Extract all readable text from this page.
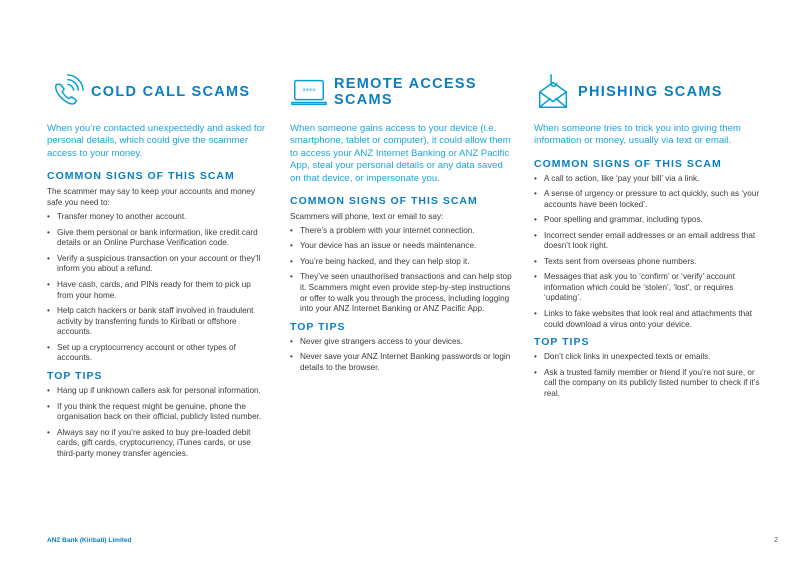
COLD CALL SCAMS

When you’re contacted unexpectedly and asked for personal details, which could give the scammer access to your money.

COMMON SIGNS OF THIS SCAM

The scammer may say to keep your accounts and money safe you need to:

• Transfer money to another account.
• Give them personal or bank information, like credit card details or an Online Purchase Verification code.
• Verify a suspicious transaction on your account or they’ll inform you about a refund.
• Have cash, cards, and PINs ready for them to pick up from your home.
• Help catch hackers or bank staff involved in fraudulent activity by transferring funds to Kiribati or offshore accounts.
• Set up a cryptocurrency account or other types of accounts.
TOP TIPS
• Hang up if unknown callers ask for personal information.
• If you think the request might be genuine, phone the organisation back on their official, publicly listed number.
• Always say no if you’re asked to buy pre-loaded debit cards, gift cards, cryptocurrency, iTunes cards, or use third-party money transfer agencies.
**** REMOTE ACCESS SCAMS

When someone gains access to your device (i.e. smartphone, tablet or computer), it could allow them to access your ANZ Internet Banking or ANZ Pacific App, steal your personal details or any data saved on that device, or impersonate you.

COMMON SIGNS OF THIS SCAM

Scammers will phone, text or email to say:

• There’s a problem with your internet connection.
• Your device has an issue or needs maintenance.
• You’re being hacked, and they can help stop it.
• They’ve seen unauthorised transactions and can help stop it. Scammers might even provide step-by-step instructions or offer to walk you through the process, including logging into your ANZ Internet Banking or ANZ Pacific App.
TOP TIPS
• Never give strangers access to your devices.
• Never save your ANZ Internet Banking passwords or login details to the browser.
PHISHING SCAMS

When someone tries to trick you into giving them information or money, usually via text or email.

COMMON SIGNS OF THIS SCAM
• A call to action, like ‘pay your bill’ via a link.
• A sense of urgency or pressure to act quickly, such as ‘your accounts have been locked’.
• Poor spelling and grammar, including typos.
• Incorrect sender email addresses or an email address that doesn’t look right.
• Texts sent from overseas phone numbers.
• Messages that ask you to ‘confirm’ or ‘verify’ account information which could be ‘stolen’, ‘lost’, or requires ‘updating’.
• Links to fake websites that look real and attachments that could download a virus onto your device.
TOP TIPS
• Don’t click links in unexpected texts or emails.
• Ask a trusted family member or friend if you’re not sure, or call the company on its publicly listed number to check if it’s real.
ANZ Bank (Kiribati) Limited	2
